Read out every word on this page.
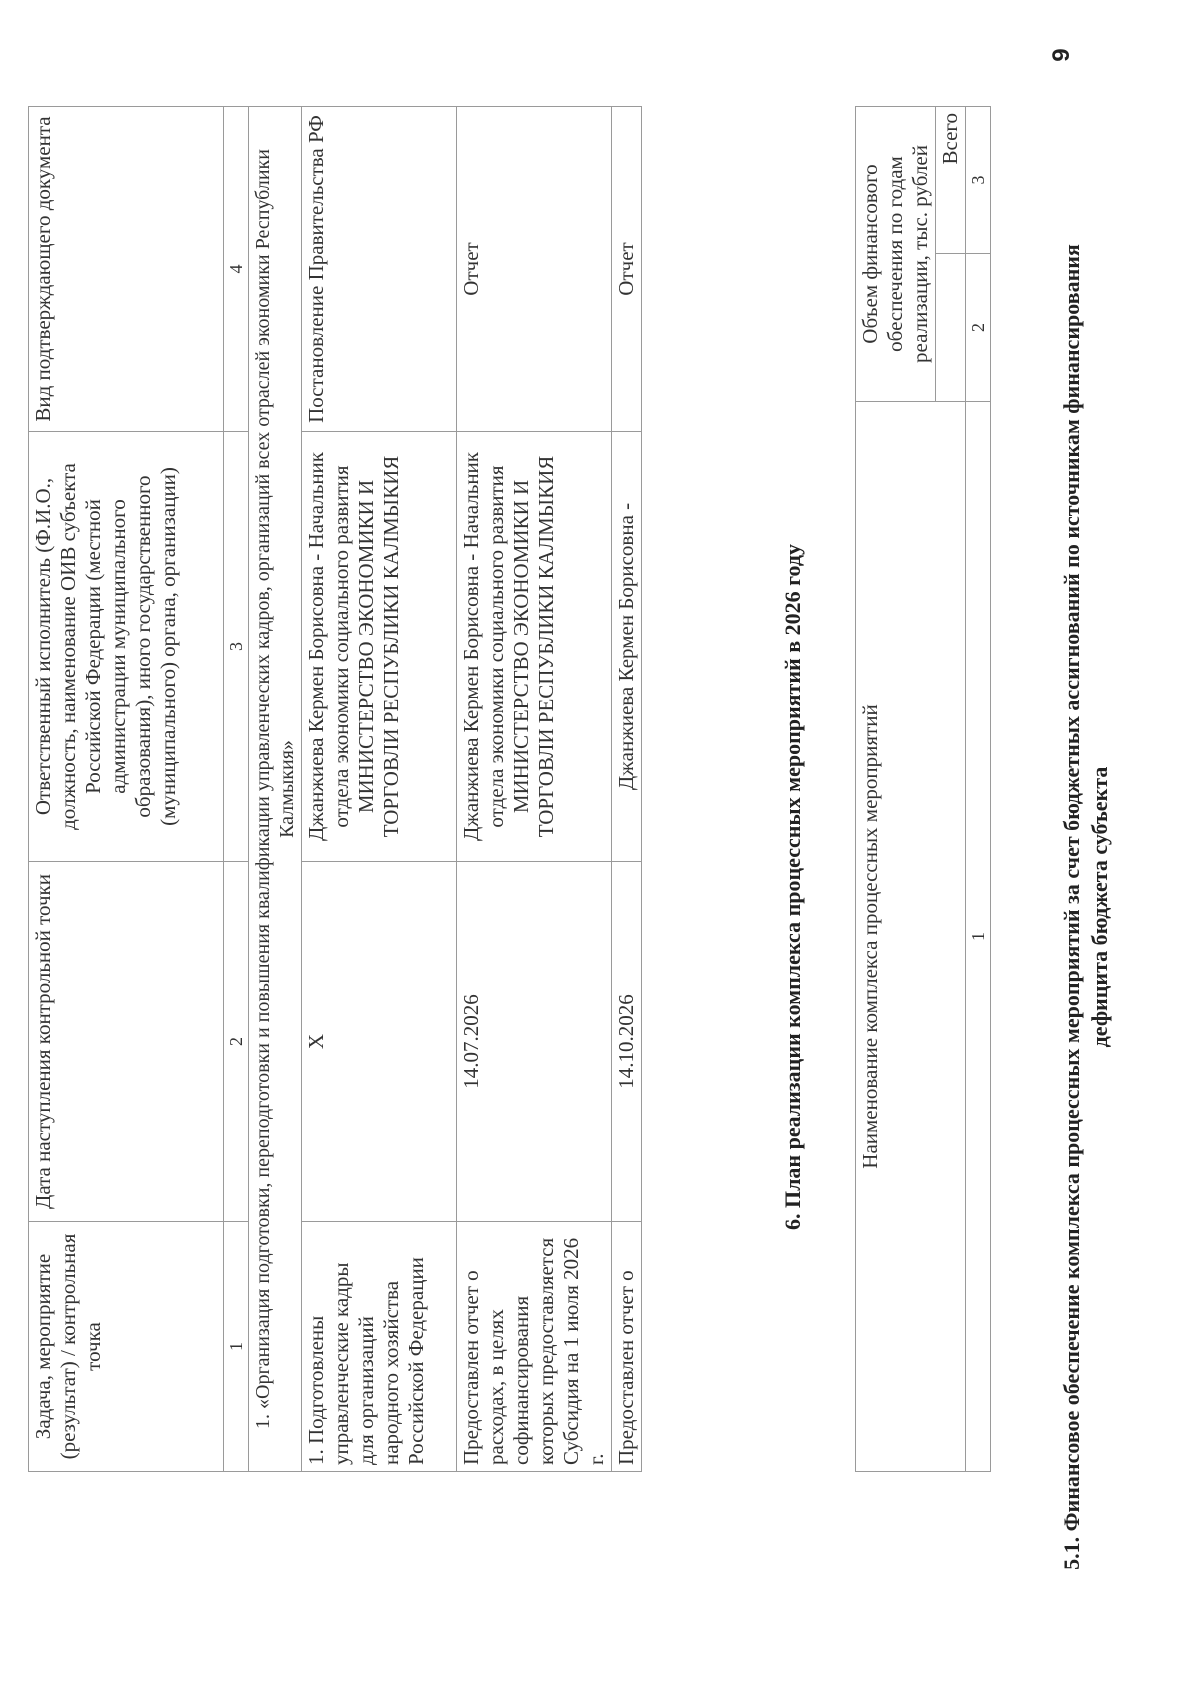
9
5.1. Финансовое обеспечение комплекса процессных мероприятий за счет бюджетных ассигнований по источникам финансирования дефицита бюджета субъекта
Наименование комплекса процессных мероприятий	Объем финансового обеспечения по годам реализации, тыс. рублей	
		Всего
1	2	3
6. План реализации комплекса процессных мероприятий в 2026 году
Задача, мероприятие (результат) / контрольная точка	Дата наступления контрольной точки	Ответственный исполнитель (Ф.И.О., должность, наименование ОИВ субъекта Российской Федерации (местной администрации муниципального образования), иного государственного (муниципального) органа, организации)	Вид подтверждающего документа
1	2	3	4
1. «Организация подготовки, переподготовки и повышения квалификации управленческих кадров, организаций всех отраслей экономики Республики Калмыкия»			
1. Подготовлены управленческие кадры для организаций народного хозяйства Российской Федерации	X	Джанжиева Кермен Борисовна - Начальник отдела экономики социального развития МИНИСТЕРСТВО ЭКОНОМИКИ И ТОРГОВЛИ РЕСПУБЛИКИ КАЛМЫКИЯ	Постановление Правительства РФ
Предоставлен отчет о расходах, в целях софинансирования которых предоставляется Субсидия на 1 июля 2026 г.	14.07.2026	Джанжиева Кермен Борисовна - Начальник отдела экономики социального развития МИНИСТЕРСТВО ЭКОНОМИКИ И ТОРГОВЛИ РЕСПУБЛИКИ КАЛМЫКИЯ	Отчет
Предоставлен отчет о	14.10.2026	Джанжиева Кермен Борисовна -	Отчет
